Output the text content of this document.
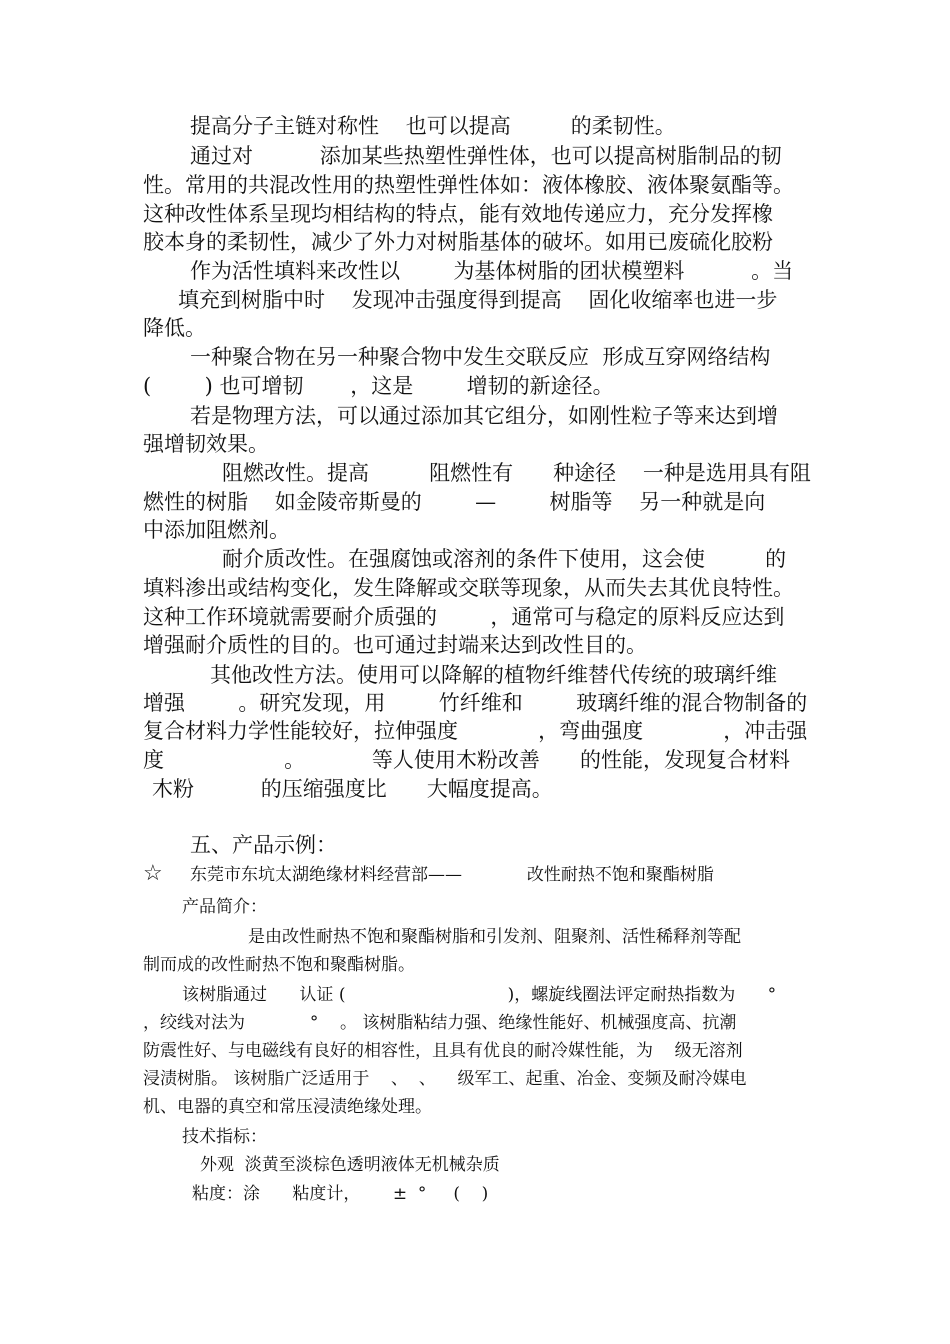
提高分子主链对称性    也可以提高         的柔韧性。
通过对          添加某些热塑性弹性体，也可以提高树脂制品的韧
性。常用的共混改性用的热塑性弹性体如：液体橡胶、液体聚氨酯等。
这种改性体系呈现均相结构的特点，能有效地传递应力，充分发挥橡
胶本身的柔韧性，减少了外力对树脂基体的破坏。如用已废硫化胶粉
作为活性填料来改性以        为基体树脂的团状模塑料          。当
填充到树脂中时    发现冲击强度得到提高    固化收缩率也进一步
降低。
一种聚合物在另一种聚合物中发生交联反应  形成互穿网络结构
(        ) 也可增韧       ，这是        增韧的新途径。
若是物理方法，可以通过添加其它组分，如刚性粒子等来达到增
强增韧效果。
阻燃改性。提高         阻燃性有      种途径    一种是选用具有阻
燃性的树脂    如金陵帝斯曼的        —        树脂等    另一种就是向
中添加阻燃剂。
耐介质改性。在强腐蚀或溶剂的条件下使用，这会使         的
填料渗出或结构变化，发生降解或交联等现象，从而失去其优良特性。
这种工作环境就需要耐介质强的        ，通常可与稳定的原料反应达到
增强耐介质性的目的。也可通过封端来达到改性目的。
其他改性方法。使用可以降解的植物纤维替代传统的玻璃纤维
增强        。研究发现，用        竹纤维和        玻璃纤维的混合物制备的
复合材料力学性能较好，拉伸强度            ，弯曲强度            ，冲击强
度                  。          等人使用木粉改善      的性能，发现复合材料
木粉          的压缩强度比      大幅度提高。
五、产品示例：
☆ 东莞市东坑太湖绝缘材料经营部——            改性耐热不饱和聚酯树脂
产品简介：
是由改性耐热不饱和聚酯树脂和引发剂、阻聚剂、活性稀释剂等配
制而成的改性耐热不饱和聚酯树脂。
该树脂通过      认证 (                              )，螺旋线圈法评定耐热指数为      °
，绞线对法为            °    。 该树脂粘结力强、绝缘性能好、机械强度高、抗潮
防震性好、与电磁线有良好的相容性，且具有优良的耐冷媒性能，为    级无溶剂
浸渍树脂。 该树脂广泛适用于    、  、    级军工、起重、冶金、变频及耐冷媒电
机、电器的真空和常压浸渍绝缘处理。
技术指标：
外观  淡黄至淡棕色透明液体无机械杂质
粘度：涂      粘度计，      ±  °     (    )
